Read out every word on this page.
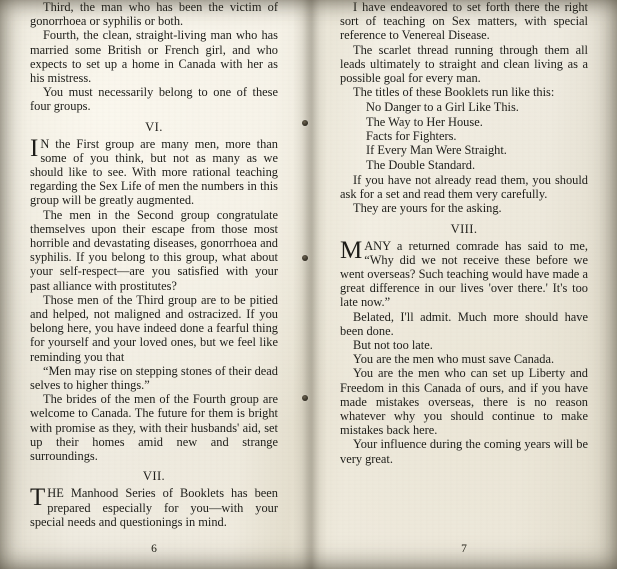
Third, the man who has been the victim of gonorrhoea or syphilis or both.

Fourth, the clean, straight-living man who has married some British or French girl, and who expects to set up a home in Canada with her as his mistress.

You must necessarily belong to one of these four groups.

VI.

I N the First group are many men, more than some of you think, but not as many as we should like to see. With more rational teaching regarding the Sex Life of men the numbers in this group will be greatly augmented.

The men in the Second group congratulate themselves upon their escape from those most horrible and devastating diseases, gonorrhoea and syphilis. If you belong to this group, what about your self-respect—are you satisfied with your past alliance with prostitutes?

Those men of the Third group are to be pitied and helped, not maligned and ostracized. If you belong here, you have indeed done a fearful thing for yourself and your loved ones, but we feel like reminding you that

“Men may rise on stepping stones of their dead selves to higher things.”

The brides of the men of the Fourth group are welcome to Canada. The future for them is bright with promise as they, with their husbands' aid, set up their homes amid new and strange surroundings.

VII.

THE Manhood Series of Booklets has been prepared especially for you—with your special needs and questionings in mind.

6

I have endeavored to set forth there the right sort of teaching on Sex matters, with special reference to Venereal Disease.

The scarlet thread running through them all leads ultimately to straight and clean living as a possible goal for every man.

The titles of these Booklets run like this:

No Danger to a Girl Like This.

The Way to Her House.

Facts for Fighters.

If Every Man Were Straight.

The Double Standard.

If you have not already read them, you should ask for a set and read them very carefully.

They are yours for the asking.

VIII.

MANY a returned comrade has said to me, “Why did we not receive these before we went overseas? Such teaching would have made a great difference in our lives 'over there.' It's too late now.”

Belated, I'll admit. Much more should have been done.

But not too late.

You are the men who must save Canada.

You are the men who can set up Liberty and Freedom in this Canada of ours, and if you have made mistakes overseas, there is no reason whatever why you should continue to make mistakes back here.

Your influence during the coming years will be very great.

7
